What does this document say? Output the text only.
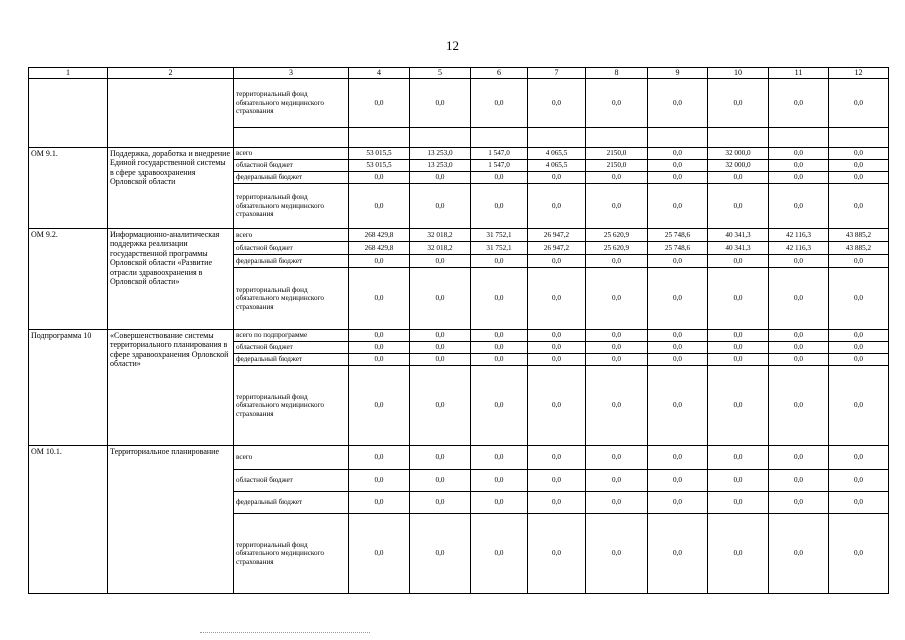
12
1	2	3	4	5	6	7	8	9	10	11	12
		территориальный фонд обязательного медицинского страхования	0,0	0,0	0,0	0,0	0,0	0,0	0,0	0,0	0,0

ОМ 9.1.	Поддержка, доработка и внедрение Единой государственной системы в сфере здравоохранения Орловской области	всего	53 015,5	13 253,0	1 547,0	4 065,5	2150,0	0,0	32 000,0	0,0	0,0
		областной бюджет	53 015,5	13 253,0	1 547,0	4 065,5	2150,0	0,0	32 000,0	0,0	0,0
		федеральный бюджет	0,0	0,0	0,0	0,0	0,0	0,0	0,0	0,0	0,0
		территориальный фонд обязательного медицинского страхования	0,0	0,0	0,0	0,0	0,0	0,0	0,0	0,0	0,0
ОМ 9.2.	Информационно-аналитическая поддержка реализации государственной программы Орловской области «Развитие отрасли здравоохранения в Орловской области»	всего	268 429,8	32 018,2	31 752,1	26 947,2	25 620,9	25 748,6	40 341,3	42 116,3	43 885,2
		областной бюджет	268 429,8	32 018,2	31 752,1	26 947,2	25 620,9	25 748,6	40 341,3	42 116,3	43 885,2
		федеральный бюджет	0,0	0,0	0,0	0,0	0,0	0,0	0,0	0,0	0,0
		территориальный фонд обязательного медицинского страхования	0,0	0,0	0,0	0,0	0,0	0,0	0,0	0,0	0,0
Подпрограмма 10	«Совершенствование системы территориального планирования в сфере здравоохранения Орловской области»	всего по подпрограмме	0,0	0,0	0,0	0,0	0,0	0,0	0,0	0,0	0,0
		областной бюджет	0,0	0,0	0,0	0,0	0,0	0,0	0,0	0,0	0,0
		федеральный бюджет	0,0	0,0	0,0	0,0	0,0	0,0	0,0	0,0	0,0
		территориальный фонд обязательного медицинского страхования	0,0	0,0	0,0	0,0	0,0	0,0	0,0	0,0	0,0
ОМ 10.1.	Территориальное планирование	всего	0,0	0,0	0,0	0,0	0,0	0,0	0,0	0,0	0,0
		областной бюджет	0,0	0,0	0,0	0,0	0,0	0,0	0,0	0,0	0,0
		федеральный бюджет	0,0	0,0	0,0	0,0	0,0	0,0	0,0	0,0	0,0
		территориальный фонд обязательного медицинского страхования	0,0	0,0	0,0	0,0	0,0	0,0	0,0	0,0	0,0
